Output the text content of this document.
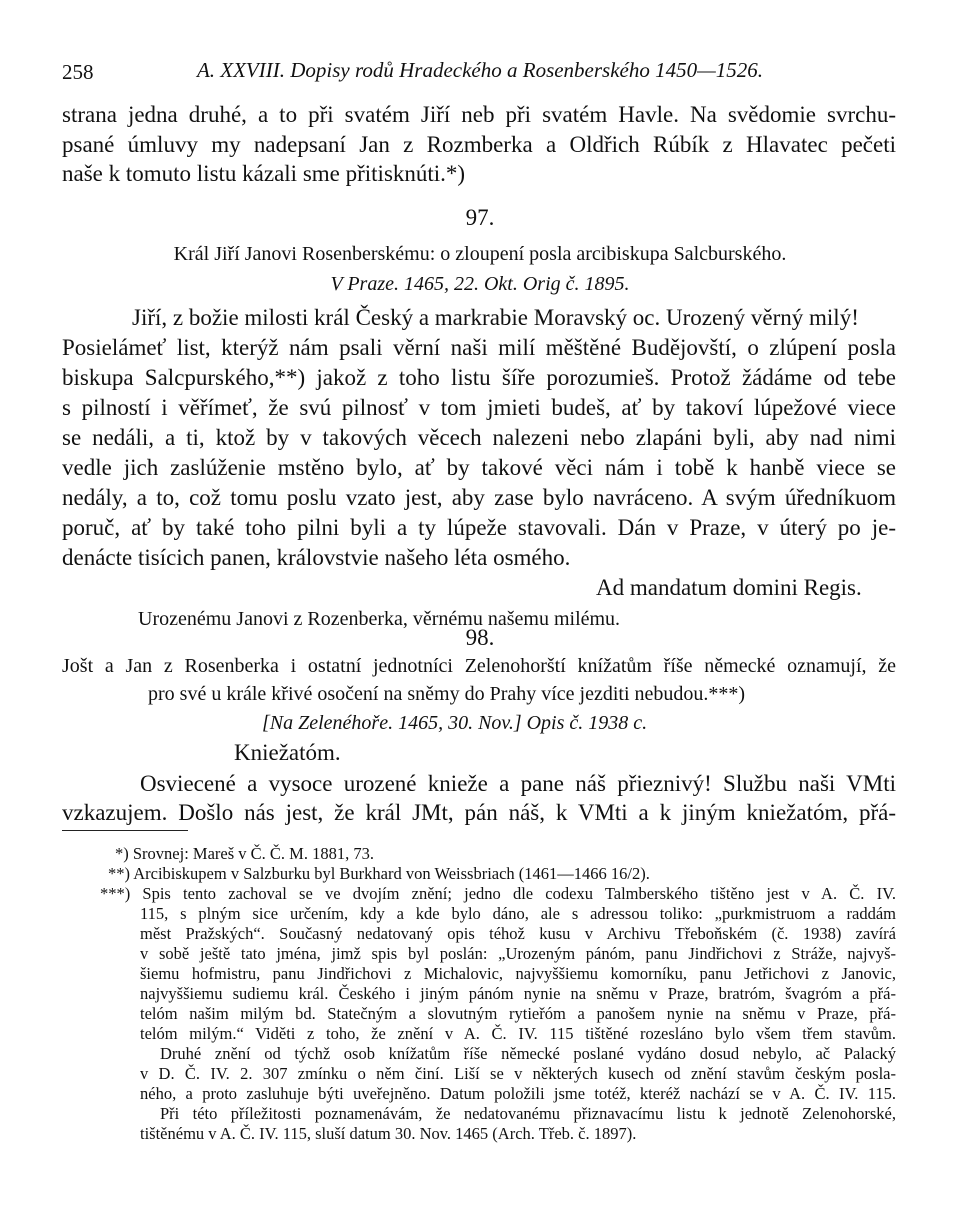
258	A. XXVIII. Dopisy rodů Hradeckého a Rosenberského 1450—1526.
strana jedna druhé, a to při svatém Jiří neb při svatém Havle. Na svědomie svrchu-
psané úmluvy my nadepsaní Jan z Rozmberka a Oldřich Rúbík z Hlavatec pečeti
naše k tomuto listu kázali sme přitisknúti.*)
97.
Král Jiří Janovi Rosenberskému: o zloupení posla arcibiskupa Salcburského.
V Praze. 1465, 22. Okt. Orig č. 1895.
Jiří, z božie milosti král Český a markrabie Moravský oc. Urozený věrný milý!
Posielámeť list, kterýž nám psali věrní naši milí měštěné Budějovští, o zlúpení posla
biskupa Salcpurského,**) jakož z toho listu šíře porozumieš. Protož žádáme od tebe
s pilností i věřímeť, že svú pilnosť v tom jmieti budeš, ať by takoví lúpežové viece
se nedáli, a ti, ktož by v takových věcech nalezeni nebo zlapáni byli, aby nad nimi
vedle jich zaslúženie mstěno bylo, ať by takové věci nám i tobě k hanbě viece se
nedály, a to, což tomu poslu vzato jest, aby zase bylo navráceno. A svým úředníkuom
poruč, ať by také toho pilni byli a ty lúpeže stavovali. Dán v Praze, v úterý po je-
denácte tisícich panen, královstvie našeho léta osmého.
Ad mandatum domini Regis.
Urozenému Janovi z Rozenberka, věrnému našemu milému.
98.
Jošt a Jan z Rosenberka i ostatní jednotníci Zelenohorští knížatům říše německé oznamují, že
pro své u krále křivé osočení na sněmy do Prahy více jezditi nebudou.***)
[Na Zelenéhoře. 1465, 30. Nov.] Opis č. 1938 c.
Kniežatóm.
Osviecené a vysoce urozené knieže a pane náš přieznivý! Službu naši VMti
vzkazujem. Došlo nás jest, že král JMt, pán náš, k VMti a k jiným kniežatóm, přá-
*) Srovnej: Mareš v Č. Č. M. 1881, 73.
**) Arcibiskupem v Salzburku byl Burkhard von Weissbriach (1461—1466 16/2).
***) Spis tento zachoval se ve dvojím znění; jedno dle codexu Talmberského tištěno jest v A. Č. IV.
115, s plným sice určením, kdy a kde bylo dáno, ale s adressou toliko: „purkmistruom a raddám
měst Pražských“. Současný nedatovaný opis téhož kusu v Archivu Třeboňském (č. 1938) zavírá
v sobě ještě tato jména, jimž spis byl poslán: „Urozeným pánóm, panu Jindřichovi z Stráže, najvyš-
šiemu hofmistru, panu Jindřichovi z Michalovic, najvyššiemu komorníku, panu Jetřichovi z Janovic,
najvyššiemu sudiemu král. Českého i jiným pánóm nynie na sněmu v Praze, bratróm, švagróm a přá-
telóm našim milým bd. Statečným a slovutným rytieřóm a panošem nynie na sněmu v Praze, přá-
telóm milým.“ Viděti z toho, že znění v A. Č. IV. 115 tištěné rozesláno bylo všem třem stavům.
Druhé znění od týchž osob knížatům říše německé poslané vydáno dosud nebylo, ač Palacký
v D. Č. IV. 2. 307 zmínku o něm činí. Liší se v některých kusech od znění stavům českým posla-
ného, a proto zasluhuje býti uveřejněno. Datum položili jsme totéž, kteréž nachází se v A. Č. IV. 115.
Při této příležitosti poznamenávám, že nedatovanému přiznavacímu listu k jednotě Zelenohorské,
tištěnému v A. Č. IV. 115, sluší datum 30. Nov. 1465 (Arch. Třeb. č. 1897).
